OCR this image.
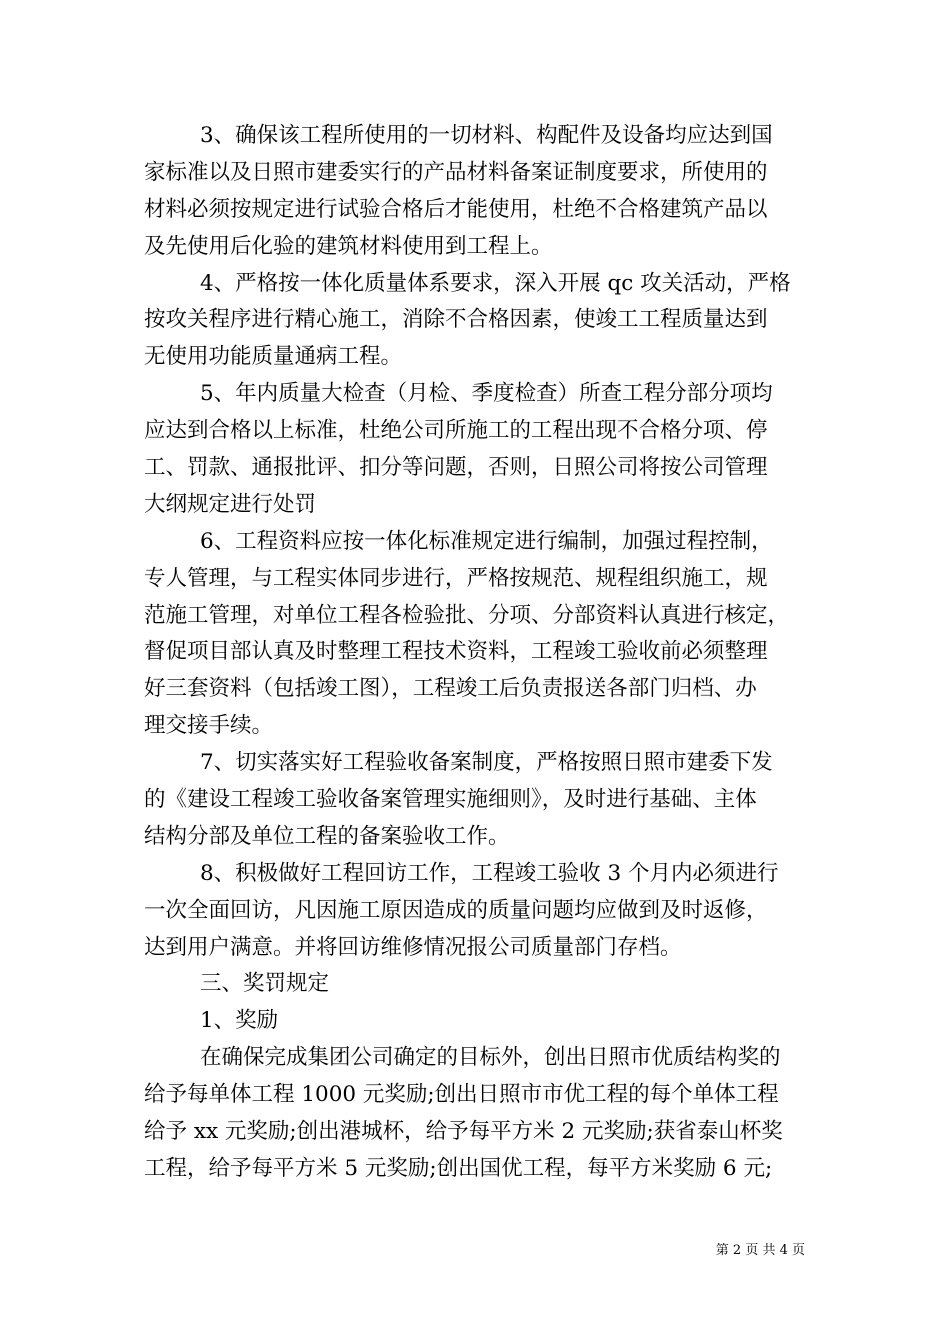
3、确保该工程所使用的一切材料、构配件及设备均应达到国
家标准以及日照市建委实行的产品材料备案证制度要求，所使用的
材料必须按规定进行试验合格后才能使用，杜绝不合格建筑产品以
及先使用后化验的建筑材料使用到工程上。
4、严格按一体化质量体系要求，深入开展 qc 攻关活动，严格
按攻关程序进行精心施工，消除不合格因素，使竣工工程质量达到
无使用功能质量通病工程。
5、年内质量大检查（月检、季度检查）所查工程分部分项均
应达到合格以上标准，杜绝公司所施工的工程出现不合格分项、停
工、罚款、通报批评、扣分等问题，否则，日照公司将按公司管理
大纲规定进行处罚
6、工程资料应按一体化标准规定进行编制，加强过程控制，
专人管理，与工程实体同步进行，严格按规范、规程组织施工，规
范施工管理，对单位工程各检验批、分项、分部资料认真进行核定，
督促项目部认真及时整理工程技术资料，工程竣工验收前必须整理
好三套资料（包括竣工图），工程竣工后负责报送各部门归档、办
理交接手续。
7、切实落实好工程验收备案制度，严格按照日照市建委下发
的《建设工程竣工验收备案管理实施细则》，及时进行基础、主体
结构分部及单位工程的备案验收工作。
8、积极做好工程回访工作，工程竣工验收 3 个月内必须进行
一次全面回访，凡因施工原因造成的质量问题均应做到及时返修，
达到用户满意。并将回访维修情况报公司质量部门存档。
三、奖罚规定
1、奖励
在确保完成集团公司确定的目标外，创出日照市优质结构奖的
给予每单体工程 1000 元奖励;创出日照市市优工程的每个单体工程
给予 xx 元奖励;创出港城杯，给予每平方米 2 元奖励;获省泰山杯奖
工程，给予每平方米 5 元奖励;创出国优工程，每平方米奖励 6 元;
第 2 页 共 4 页
